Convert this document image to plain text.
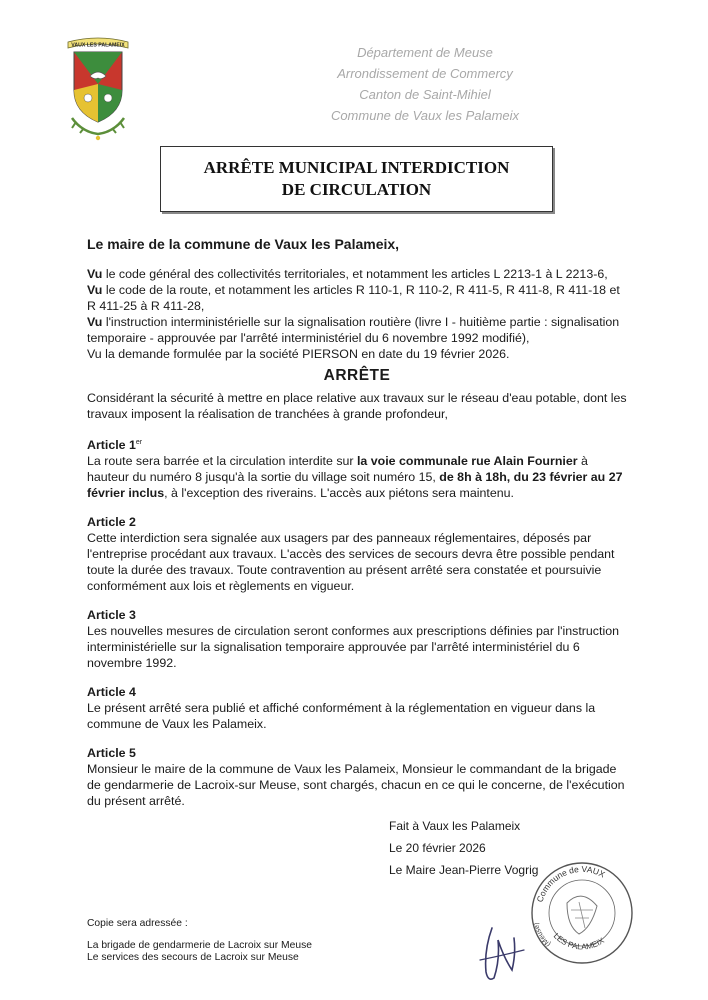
VAUX LES PALAMEIX	Département de Meuse
Arrondissement de Commercy
Canton de Saint-Mihiel
Commune de Vaux les Palameix
ARRÊTE MUNICIPAL INTERDICTION
DE CIRCULATION
Le maire de la commune de Vaux les Palameix,

Vu le code général des collectivités territoriales, et notamment les articles L 2213-1 à L 2213-6,

Vu le code de la route, et notamment les articles R 110-1, R 110-2, R 411-5, R 411-8, R 411-18 et R 411-25 à R 411-28,

Vu l'instruction interministérielle sur la signalisation routière (livre I - huitième partie : signalisation temporaire - approuvée par l'arrêté interministériel du 6 novembre 1992 modifié),

Vu la demande formulée par la société PIERSON en date du 19 février 2026.

ARRÊTE

Considérant la sécurité à mettre en place relative aux travaux sur le réseau d'eau potable, dont les travaux imposent la réalisation de tranchées à grande profondeur,

Article 1er

La route sera barrée et la circulation interdite sur la voie communale rue Alain Fournier à hauteur du numéro 8 jusqu'à la sortie du village soit numéro 15, de 8h à 18h, du 23 février au 27 février inclus, à l'exception des riverains. L'accès aux piétons sera maintenu.

Article 2

Cette interdiction sera signalée aux usagers par des panneaux réglementaires, déposés par l'entreprise procédant aux travaux. L'accès des services de secours devra être possible pendant toute la durée des travaux. Toute contravention au présent arrêté sera constatée et poursuivie conformément aux lois et règlements en vigueur.

Article 3

Les nouvelles mesures de circulation seront conformes aux prescriptions définies par l'instruction interministérielle sur la signalisation temporaire approuvée par l'arrêté interministériel du 6 novembre 1992.

Article 4

Le présent arrêté sera publié et affiché conformément à la réglementation en vigueur dans la commune de Vaux les Palameix.

Article 5

Monsieur le maire de la commune de Vaux les Palameix, Monsieur le commandant de la brigade de gendarmerie de Lacroix-sur Meuse, sont chargés, chacun en ce qui le concerne, de l'exécution du présent arrêté.

Fait à Vaux les Palameix
Le 20 février 2026
Le Maire Jean-Pierre Vogrig
Commune de VAUX
LES PALAMEIX
(Meuse)
Copie sera adressée :
La brigade de gendarmerie de Lacroix sur Meuse
Le services des secours de Lacroix sur Meuse
